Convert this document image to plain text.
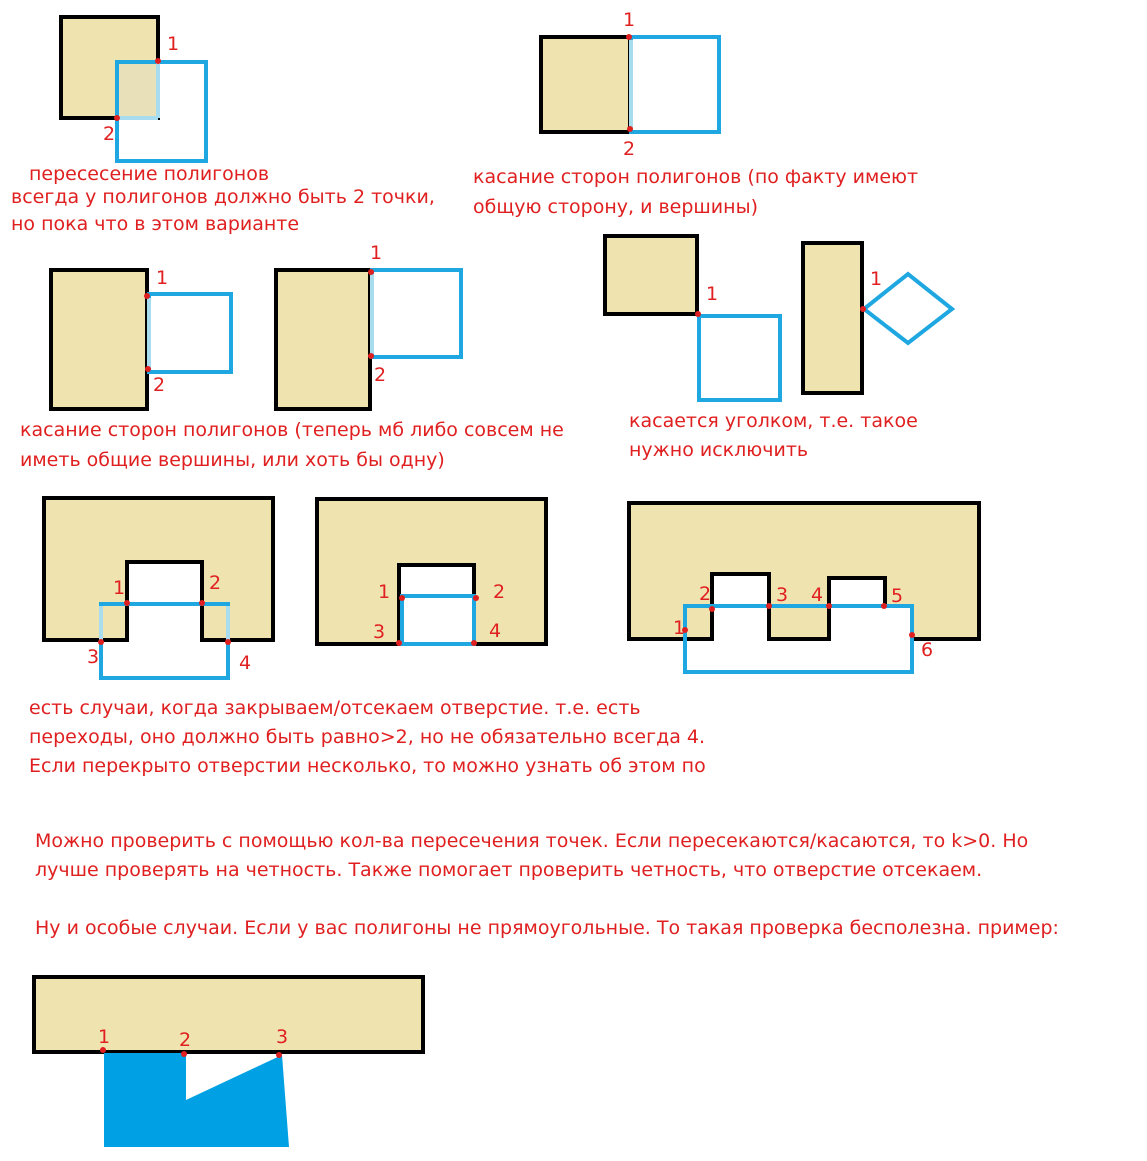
1
2
1
2
1
2
1
2
1
1
1	2
3	4
1	2
3	4	1
2	3 4	5
6
1	2	3
пересесение полигонов
всегда у полигонов должно быть 2 точки,
но пока что в этом варианте
касание сторон полигонов (по факту имеют
общую сторону, и вершины)
касание сторон полигонов (теперь мб либо совсем не
иметь общие вершины, или хоть бы одну)
касается уголком, т.е. такое
нужно исключить
есть случаи, когда закрываем/отсекаем отверстие. т.е. есть
переходы, оно должно быть равно>2, но не обязательно всегда 4.
Если перекрыто отверстии несколько, то можно узнать об этом по
Можно проверить с помощью кол-ва пересечения точек. Если пересекаются/касаются, то k>0. Но
лучше проверять на четность. Также помогает проверить четность, что отверстие отсекаем.
Ну и особые случаи. Если у вас полигоны не прямоугольные. То такая проверка бесполезна. пример:
